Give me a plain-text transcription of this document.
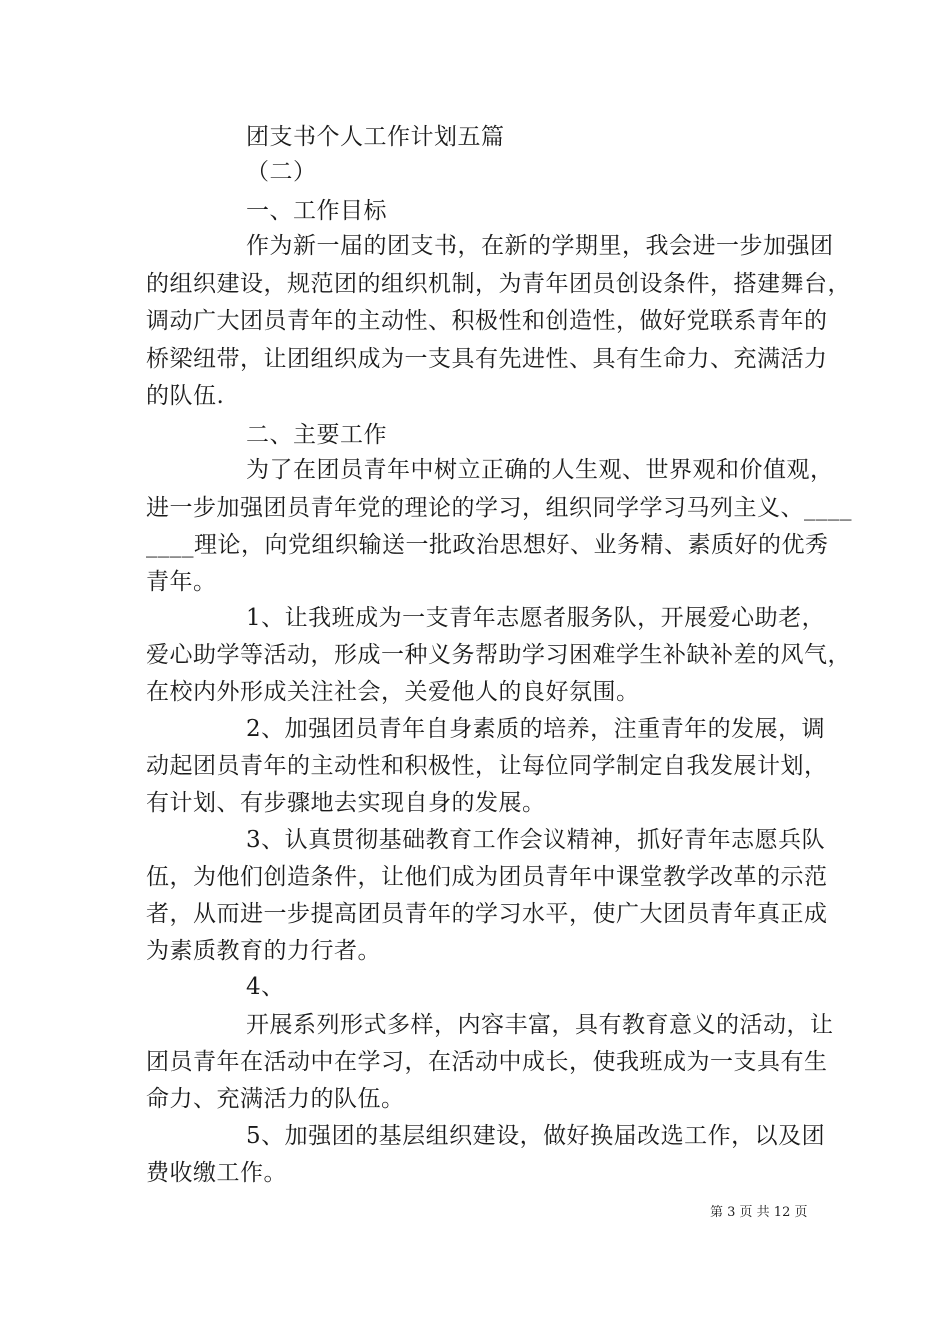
团支书个人工作计划五篇
（二）
一、工作目标
作为新一届的团支书，在新的学期里，我会进一步加强团
的组织建设，规范团的组织机制，为青年团员创设条件，搭建舞台，
调动广大团员青年的主动性、积极性和创造性，做好党联系青年的
桥梁纽带，让团组织成为一支具有先进性、具有生命力、充满活力
的队伍.
二、主要工作
为了在团员青年中树立正确的人生观、世界观和价值观，
进一步加强团员青年党的理论的学习，组织同学学习马列主义、____
____理论，向党组织输送一批政治思想好、业务精、素质好的优秀
青年。
1、让我班成为一支青年志愿者服务队，开展爱心助老，
爱心助学等活动，形成一种义务帮助学习困难学生补缺补差的风气，
在校内外形成关注社会，关爱他人的良好氛围。
2、加强团员青年自身素质的培养，注重青年的发展，调
动起团员青年的主动性和积极性，让每位同学制定自我发展计划，
有计划、有步骤地去实现自身的发展。
3、认真贯彻基础教育工作会议精神，抓好青年志愿兵队
伍，为他们创造条件，让他们成为团员青年中课堂教学改革的示范
者，从而进一步提高团员青年的学习水平，使广大团员青年真正成
为素质教育的力行者。
4、
开展系列形式多样，内容丰富，具有教育意义的活动，让
团员青年在活动中在学习，在活动中成长，使我班成为一支具有生
命力、充满活力的队伍。
5、加强团的基层组织建设，做好换届改选工作，以及团
费收缴工作。
第 3 页 共 12 页
